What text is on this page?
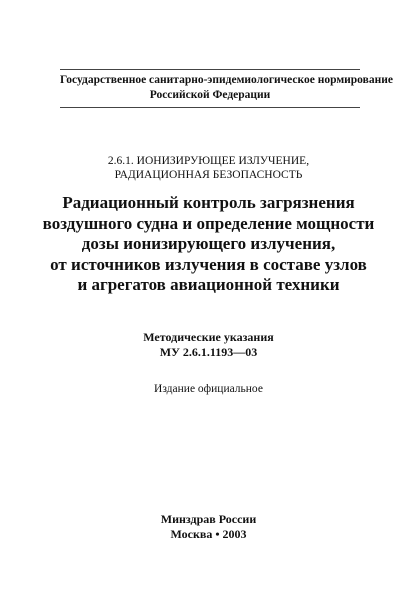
Государственное санитарно-эпидемиологическое нормирование
Российской Федерации
2.6.1. ИОНИЗИРУЮЩЕЕ ИЗЛУЧЕНИЕ,
РАДИАЦИОННАЯ БЕЗОПАСНОСТЬ
Радиационный контроль загрязнения
воздушного судна и определение мощности
дозы ионизирующего излучения,
от источников излучения в составе узлов
и агрегатов авиационной техники
Методические указания
МУ 2.6.1.1193—03
Издание официальное
Минздрав России
Москва • 2003
